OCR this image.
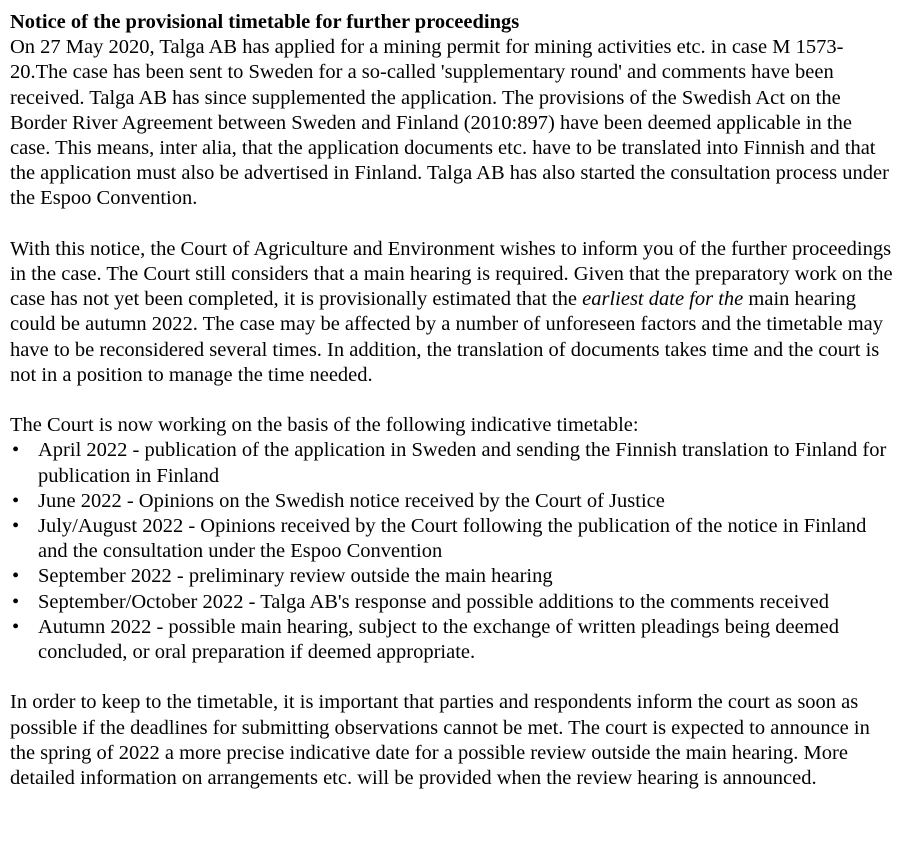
Notice of the provisional timetable for further proceedings

On 27 May 2020, Talga AB has applied for a mining permit for mining activities etc. in case M 1573-20.The case has been sent to Sweden for a so-called 'supplementary round' and comments have been received. Talga AB has since supplemented the application. The provisions of the Swedish Act on the Border River Agreement between Sweden and Finland (2010:897) have been deemed applicable in the case. This means, inter alia, that the application documents etc. have to be translated into Finnish and that the application must also be advertised in Finland. Talga AB has also started the consultation process under the Espoo Convention.

With this notice, the Court of Agriculture and Environment wishes to inform you of the further proceedings in the case. The Court still considers that a main hearing is required. Given that the preparatory work on the case has not yet been completed, it is provisionally estimated that the earliest date for the main hearing could be autumn 2022. The case may be affected by a number of unforeseen factors and the timetable may have to be reconsidered several times. In addition, the translation of documents takes time and the court is not in a position to manage the time needed.

The Court is now working on the basis of the following indicative timetable:

• April 2022 - publication of the application in Sweden and sending the Finnish translation to Finland for publication in Finland
• June 2022 - Opinions on the Swedish notice received by the Court of Justice
• July/August 2022 - Opinions received by the Court following the publication of the notice in Finland and the consultation under the Espoo Convention
• September 2022 - preliminary review outside the main hearing
• September/October 2022 - Talga AB's response and possible additions to the comments received
• Autumn 2022 - possible main hearing, subject to the exchange of written pleadings being deemed concluded, or oral preparation if deemed appropriate.

In order to keep to the timetable, it is important that parties and respondents inform the court as soon as possible if the deadlines for submitting observations cannot be met. The court is expected to announce in the spring of 2022 a more precise indicative date for a possible review outside the main hearing. More detailed information on arrangements etc. will be provided when the review hearing is announced.
